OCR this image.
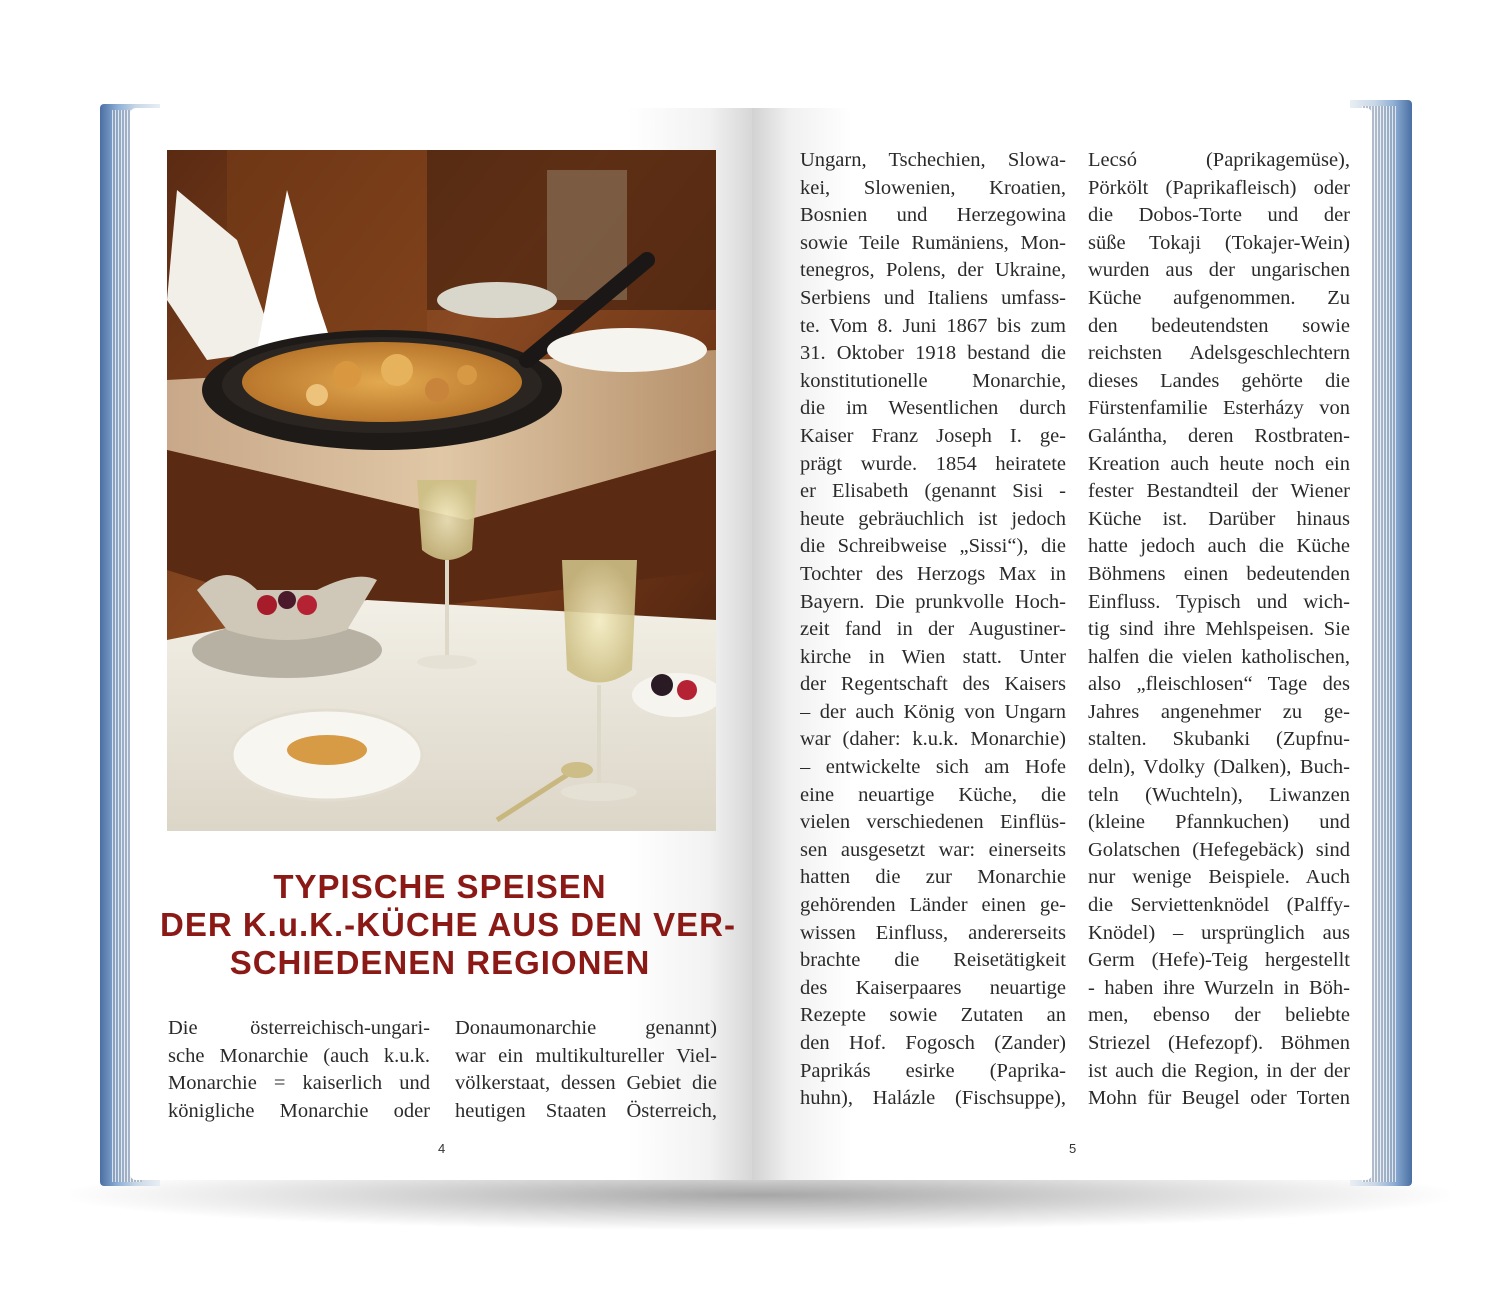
TYPISCHE SPEISEN
DER K.u.K.-KÜCHE AUS DEN VER-
SCHIEDENEN REGIONEN
Die österreichisch-ungari-
sche Monarchie (auch k.u.k.
Monarchie = kaiserlich und
königliche Monarchie oder
Donaumonarchie genannt)
war ein multikultureller Viel-
völkerstaat, dessen Gebiet die
heutigen Staaten Österreich,
Ungarn, Tschechien, Slowa-
kei, Slowenien, Kroatien,
Bosnien und Herzegowina
sowie Teile Rumäniens, Mon-
tenegros, Polens, der Ukraine,
Serbiens und Italiens umfass-
te. Vom 8. Juni 1867 bis zum
31. Oktober 1918 bestand die
konstitutionelle Monarchie,
die im Wesentlichen durch
Kaiser Franz Joseph I. ge-
prägt wurde. 1854 heiratete
er Elisabeth (genannt Sisi -
heute gebräuchlich ist jedoch
die Schreibweise „Sissi“), die
Tochter des Herzogs Max in
Bayern. Die prunkvolle Hoch-
zeit fand in der Augustiner-
kirche in Wien statt. Unter
der Regentschaft des Kaisers
– der auch König von Ungarn
war (daher: k.u.k. Monarchie)
– entwickelte sich am Hofe
eine neuartige Küche, die
vielen verschiedenen Einflüs-
sen ausgesetzt war: einerseits
hatten die zur Monarchie
gehörenden Länder einen ge-
wissen Einfluss, andererseits
brachte die Reisetätigkeit
des Kaiserpaares neuartige
Rezepte sowie Zutaten an
den Hof. Fogosch (Zander)
Paprikás esirke (Paprika-
huhn), Halázle (Fischsuppe),
Lecsó (Paprikagemüse),
Pörkölt (Paprikafleisch) oder
die Dobos-Torte und der
süße Tokaji (Tokajer-Wein)
wurden aus der ungarischen
Küche aufgenommen. Zu
den bedeutendsten sowie
reichsten Adelsgeschlechtern
dieses Landes gehörte die
Fürstenfamilie Esterházy von
Galántha, deren Rostbraten-
Kreation auch heute noch ein
fester Bestandteil der Wiener
Küche ist. Darüber hinaus
hatte jedoch auch die Küche
Böhmens einen bedeutenden
Einfluss. Typisch und wich-
tig sind ihre Mehlspeisen. Sie
halfen die vielen katholischen,
also „fleischlosen“ Tage des
Jahres angenehmer zu ge-
stalten. Skubanki (Zupfnu-
deln), Vdolky (Dalken), Buch-
teln (Wuchteln), Liwanzen
(kleine Pfannkuchen) und
Golatschen (Hefegebäck) sind
nur wenige Beispiele. Auch
die Serviettenknödel (Palffy-
Knödel) – ursprünglich aus
Germ (Hefe)-Teig hergestellt
- haben ihre Wurzeln in Böh-
men, ebenso der beliebte
Striezel (Hefezopf). Böhmen
ist auch die Region, in der der
Mohn für Beugel oder Torten
4	5
